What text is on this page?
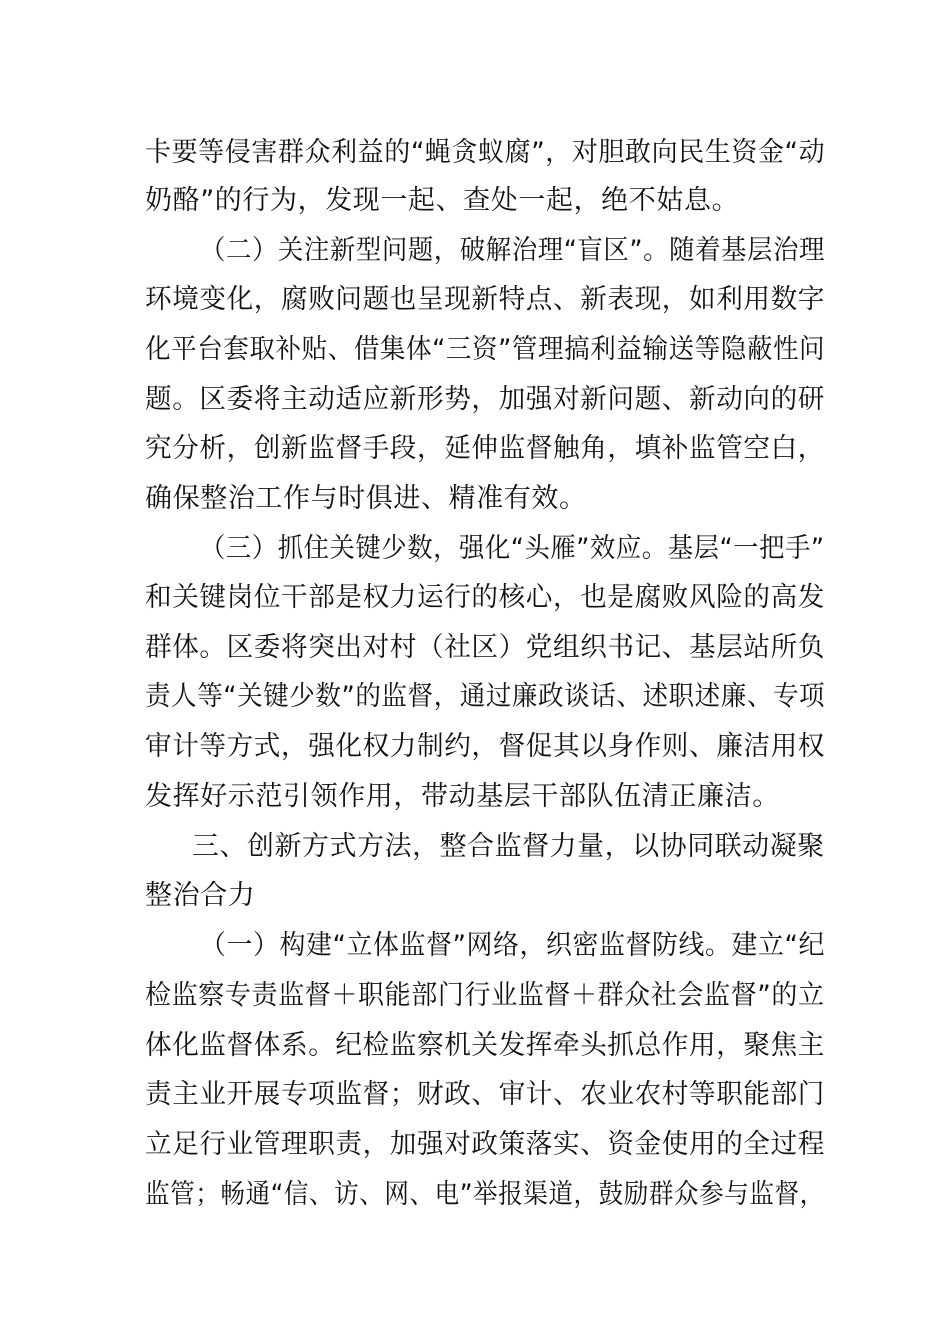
卡要等侵害群众利益的“蝇贪蚁腐”，对胆敢向民生资金“动
奶酪”的行为，发现一起、查处一起，绝不姑息。
（二）关注新型问题，破解治理“盲区”。随着基层治理
环境变化，腐败问题也呈现新特点、新表现，如利用数字
化平台套取补贴、借集体“三资”管理搞利益输送等隐蔽性问
题。区委将主动适应新形势，加强对新问题、新动向的研
究分析，创新监督手段，延伸监督触角，填补监管空白，
确保整治工作与时俱进、精准有效。
（三）抓住关键少数，强化“头雁”效应。基层“一把手”
和关键岗位干部是权力运行的核心，也是腐败风险的高发
群体。区委将突出对村（社区）党组织书记、基层站所负
责人等“关键少数”的监督，通过廉政谈话、述职述廉、专项
审计等方式，强化权力制约，督促其以身作则、廉洁用权
发挥好示范引领作用，带动基层干部队伍清正廉洁。
三、创新方式方法，整合监督力量，以协同联动凝聚
整治合力
（一）构建“立体监督”网络，织密监督防线。建立“纪
检监察专责监督＋职能部门行业监督＋群众社会监督”的立
体化监督体系。纪检监察机关发挥牵头抓总作用，聚焦主
责主业开展专项监督；财政、审计、农业农村等职能部门
立足行业管理职责，加强对政策落实、资金使用的全过程
监管；畅通“信、访、网、电”举报渠道，鼓励群众参与监督，
